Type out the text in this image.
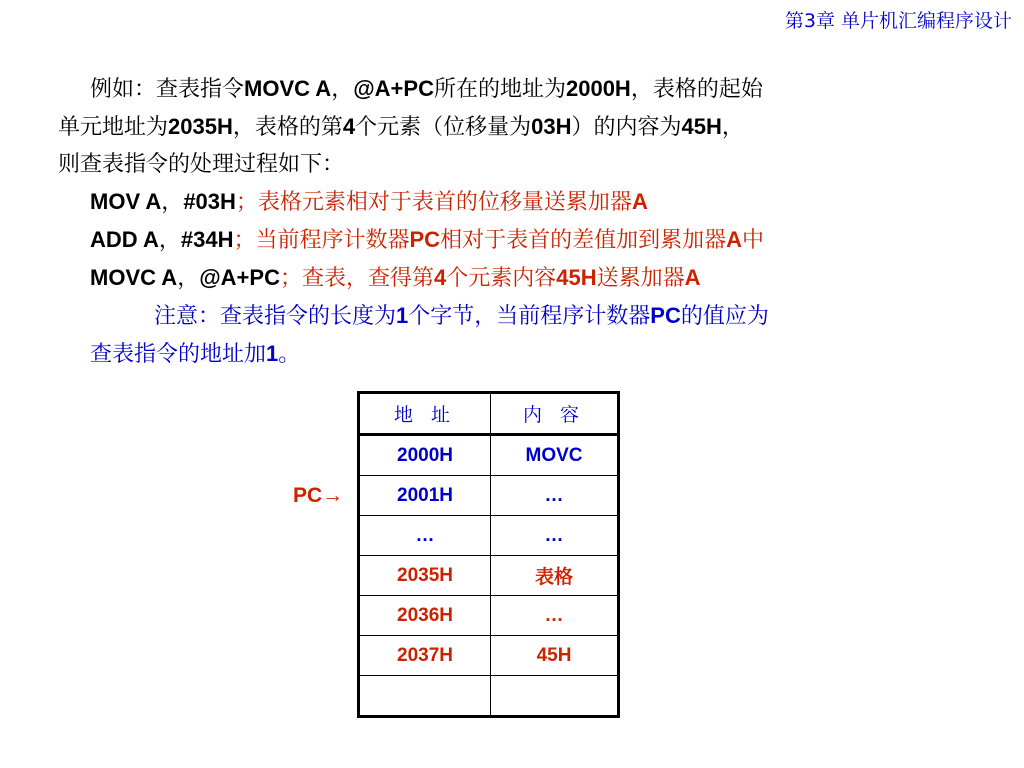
第3章 单片机汇编程序设计
例如：查表指令MOVC A，@A+PC所在的地址为2000H，表格的起始
单元地址为2035H，表格的第4个元素（位移量为03H）的内容为45H，
则查表指令的处理过程如下：
MOV A，#03H；表格元素相对于表首的位移量送累加器A
ADD A，#34H；当前程序计数器PC相对于表首的差值加到累加器A中
MOVC A，@A+PC；查表，查得第4个元素内容45H送累加器A
注意：查表指令的长度为1个字节，当前程序计数器PC的值应为
查表指令的地址加1。
PC→
地 址	内 容
2000H	MOVC
2001H	…
…	…
2035H	表格
2036H	…
2037H	45H
